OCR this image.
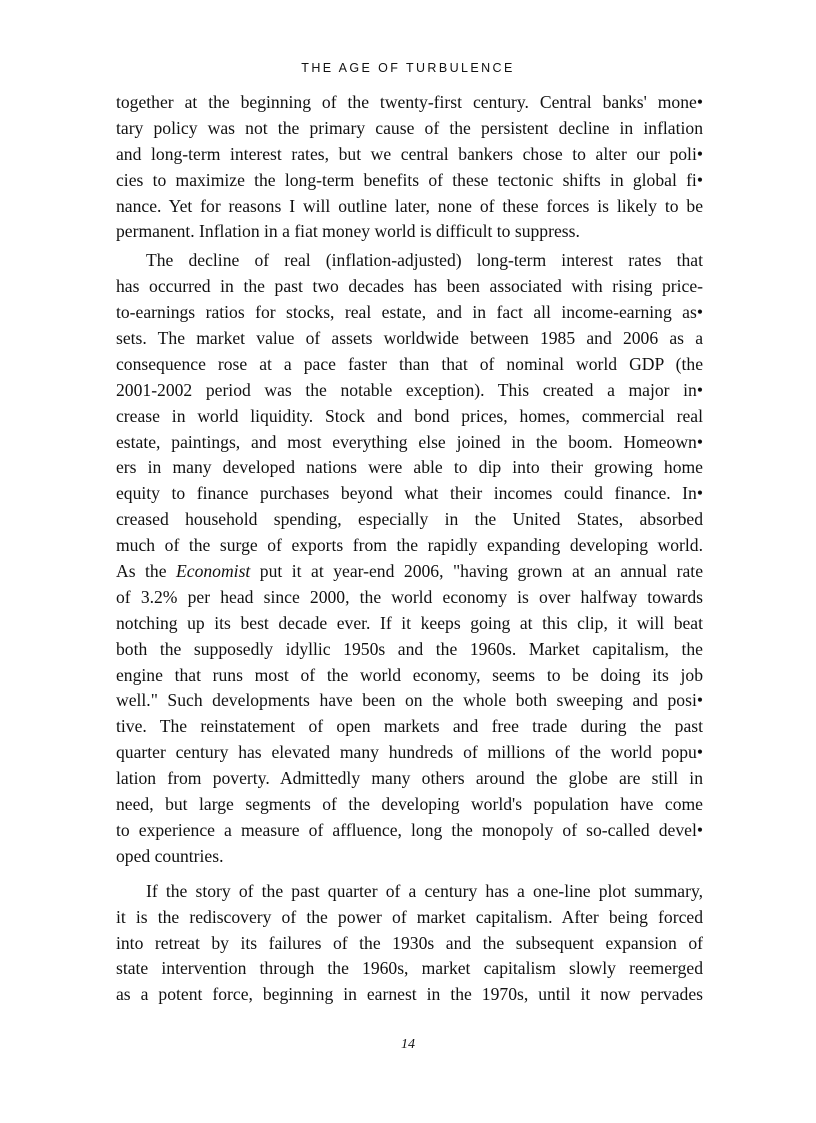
THE AGE OF TURBULENCE
together at the beginning of the twenty-first century. Central banks' mone•
tary policy was not the primary cause of the persistent decline in inflation
and long-term interest rates, but we central bankers chose to alter our poli•
cies to maximize the long-term benefits of these tectonic shifts in global fi•
nance. Yet for reasons I will outline later, none of these forces is likely to be
permanent. Inflation in a fiat money world is difficult to suppress.
The decline of real (inflation-adjusted) long-term interest rates that
has occurred in the past two decades has been associated with rising price-
to-earnings ratios for stocks, real estate, and in fact all income-earning as•
sets. The market value of assets worldwide between 1985 and 2006 as a
consequence rose at a pace faster than that of nominal world GDP (the
2001-2002 period was the notable exception). This created a major in•
crease in world liquidity. Stock and bond prices, homes, commercial real
estate, paintings, and most everything else joined in the boom. Homeown•
ers in many developed nations were able to dip into their growing home
equity to finance purchases beyond what their incomes could finance. In•
creased household spending, especially in the United States, absorbed
much of the surge of exports from the rapidly expanding developing world.
As the Economist put it at year-end 2006, "having grown at an annual rate
of 3.2% per head since 2000, the world economy is over halfway towards
notching up its best decade ever. If it keeps going at this clip, it will beat
both the supposedly idyllic 1950s and the 1960s. Market capitalism, the
engine that runs most of the world economy, seems to be doing its job
well." Such developments have been on the whole both sweeping and posi•
tive. The reinstatement of open markets and free trade during the past
quarter century has elevated many hundreds of millions of the world popu•
lation from poverty. Admittedly many others around the globe are still in
need, but large segments of the developing world's population have come
to experience a measure of affluence, long the monopoly of so-called devel•
oped countries.
If the story of the past quarter of a century has a one-line plot summary,
it is the rediscovery of the power of market capitalism. After being forced
into retreat by its failures of the 1930s and the subsequent expansion of
state intervention through the 1960s, market capitalism slowly reemerged
as a potent force, beginning in earnest in the 1970s, until it now pervades
14
